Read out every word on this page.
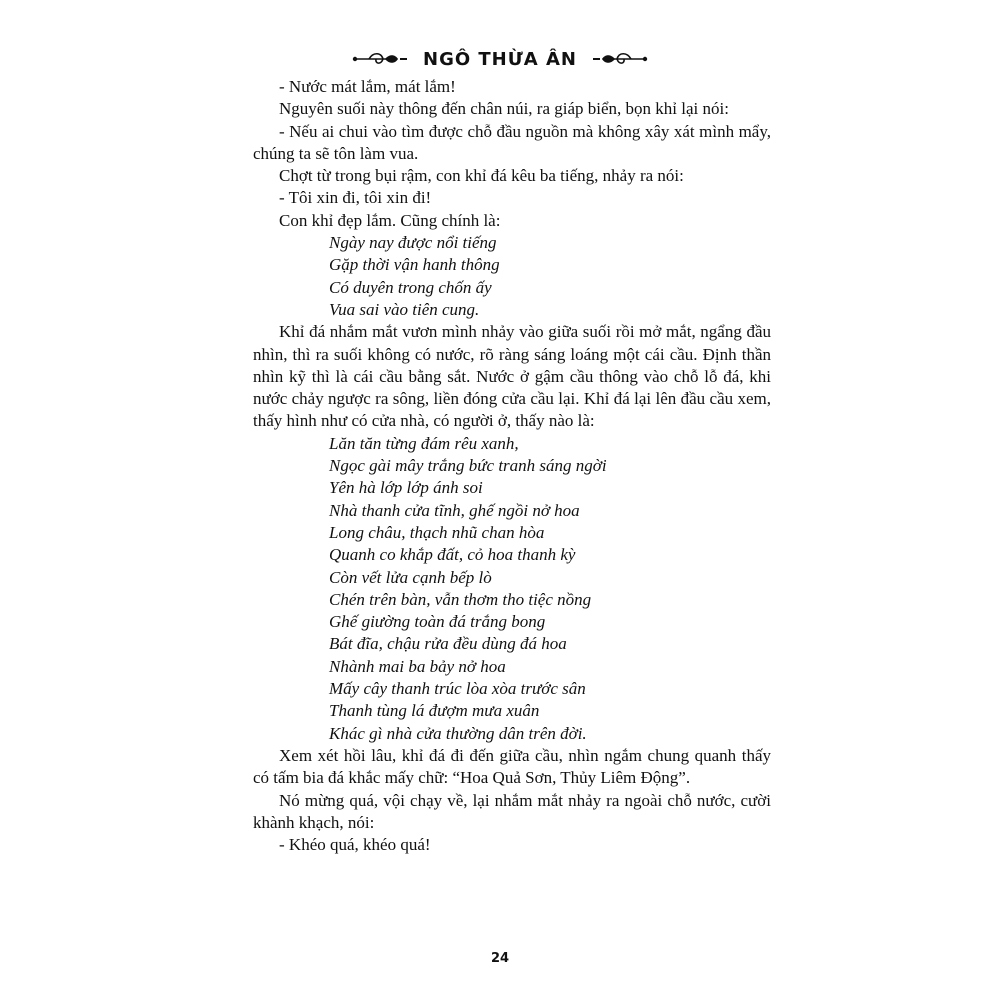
NGÔ THỪA ÂN

- Nước mát lắm, mát lắm!

Nguyên suối này thông đến chân núi, ra giáp biển, bọn khỉ lại nói:

- Nếu ai chui vào tìm được chỗ đầu nguồn mà không xây xát mình mẩy, chúng ta sẽ tôn làm vua.

Chợt từ trong bụi rậm, con khỉ đá kêu ba tiếng, nhảy ra nói:

- Tôi xin đi, tôi xin đi!

Con khỉ đẹp lắm. Cũng chính là:

Ngày nay được nổi tiếng
Gặp thời vận hanh thông
Có duyên trong chốn ấy
Vua sai vào tiên cung.

Khỉ đá nhắm mắt vươn mình nhảy vào giữa suối rồi mở mắt, ngẩng đầu nhìn, thì ra suối không có nước, rõ ràng sáng loáng một cái cầu. Định thần nhìn kỹ thì là cái cầu bằng sắt. Nước ở gậm cầu thông vào chỗ lỗ đá, khi nước chảy ngược ra sông, liền đóng cửa cầu lại. Khỉ đá lại lên đầu cầu xem, thấy hình như có cửa nhà, có người ở, thấy nào là:

Lăn tăn từng đám rêu xanh,
Ngọc gài mây trắng bức tranh sáng ngời
Yên hà lớp lớp ánh soi
Nhà thanh cửa tĩnh, ghế ngồi nở hoa
Long châu, thạch nhũ chan hòa
Quanh co khắp đất, cỏ hoa thanh kỳ
Còn vết lửa cạnh bếp lò
Chén trên bàn, vẫn thơm tho tiệc nồng
Ghế giường toàn đá trắng bong
Bát đĩa, chậu rửa đều dùng đá hoa
Nhành mai ba bảy nở hoa
Mấy cây thanh trúc lòa xòa trước sân
Thanh tùng lá đượm mưa xuân
Khác gì nhà cửa thường dân trên đời.

Xem xét hồi lâu, khỉ đá đi đến giữa cầu, nhìn ngắm chung quanh thấy có tấm bia đá khắc mấy chữ: “Hoa Quả Sơn, Thủy Liêm Động”.

Nó mừng quá, vội chạy về, lại nhắm mắt nhảy ra ngoài chỗ nước, cười khành khạch, nói:

- Khéo quá, khéo quá!

24
